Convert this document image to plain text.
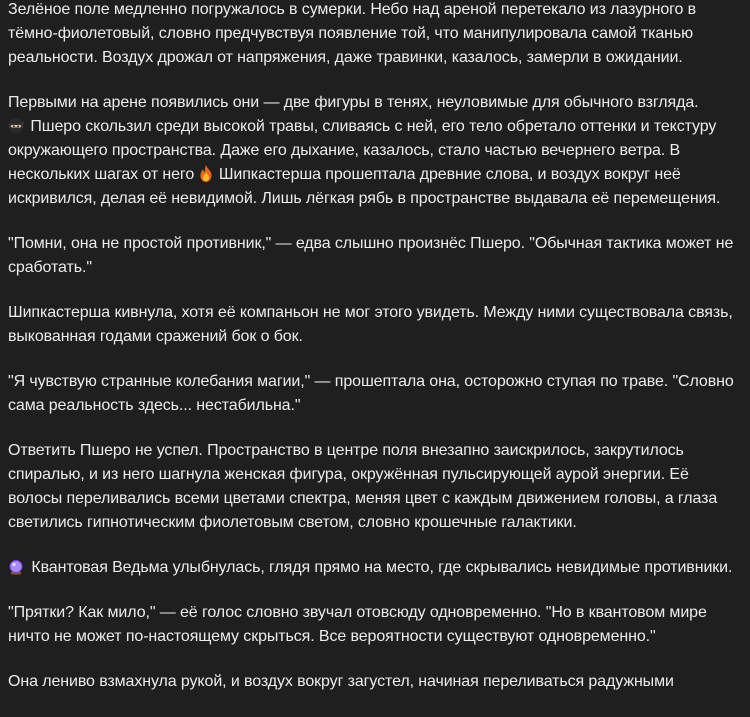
Зелёное поле медленно погружалось в сумерки. Небо над ареной перетекало из лазурного в тёмно-фиолетовый, словно предчувствуя появление той, что манипулировала самой тканью реальности. Воздух дрожал от напряжения, даже травинки, казалось, замерли в ожидании.

Первыми на арене появились они — две фигуры в тенях, неуловимые для обычного взгляда.
Пшеро скользил среди высокой травы, сливаясь с ней, его тело обретало оттенки и текстуру окружающего пространства. Даже его дыхание, казалось, стало частью вечернего ветра. В нескольких шагах от него Шипкастерша прошептала древние слова, и воздух вокруг неё искривился, делая её невидимой. Лишь лёгкая рябь в пространстве выдавала её перемещения.

"Помни, она не простой противник," — едва слышно произнёс Пшеро. "Обычная тактика может не сработать."

Шипкастерша кивнула, хотя её компаньон не мог этого увидеть. Между ними существовала связь, выкованная годами сражений бок о бок.

"Я чувствую странные колебания магии," — прошептала она, осторожно ступая по траве. "Словно сама реальность здесь... нестабильна."

Ответить Пшеро не успел. Пространство в центре поля внезапно заискрилось, закрутилось спиралью, и из него шагнула женская фигура, окружённая пульсирующей аурой энергии. Её волосы переливались всеми цветами спектра, меняя цвет с каждым движением головы, а глаза светились гипнотическим фиолетовым светом, словно крошечные галактики.

Квантовая Ведьма улыбнулась, глядя прямо на место, где скрывались невидимые противники.

"Прятки? Как мило," — её голос словно звучал отовсюду одновременно. "Но в квантовом мире ничто не может по-настоящему скрыться. Все вероятности существуют одновременно."

Она лениво взмахнула рукой, и воздух вокруг загустел, начиная переливаться радужными
